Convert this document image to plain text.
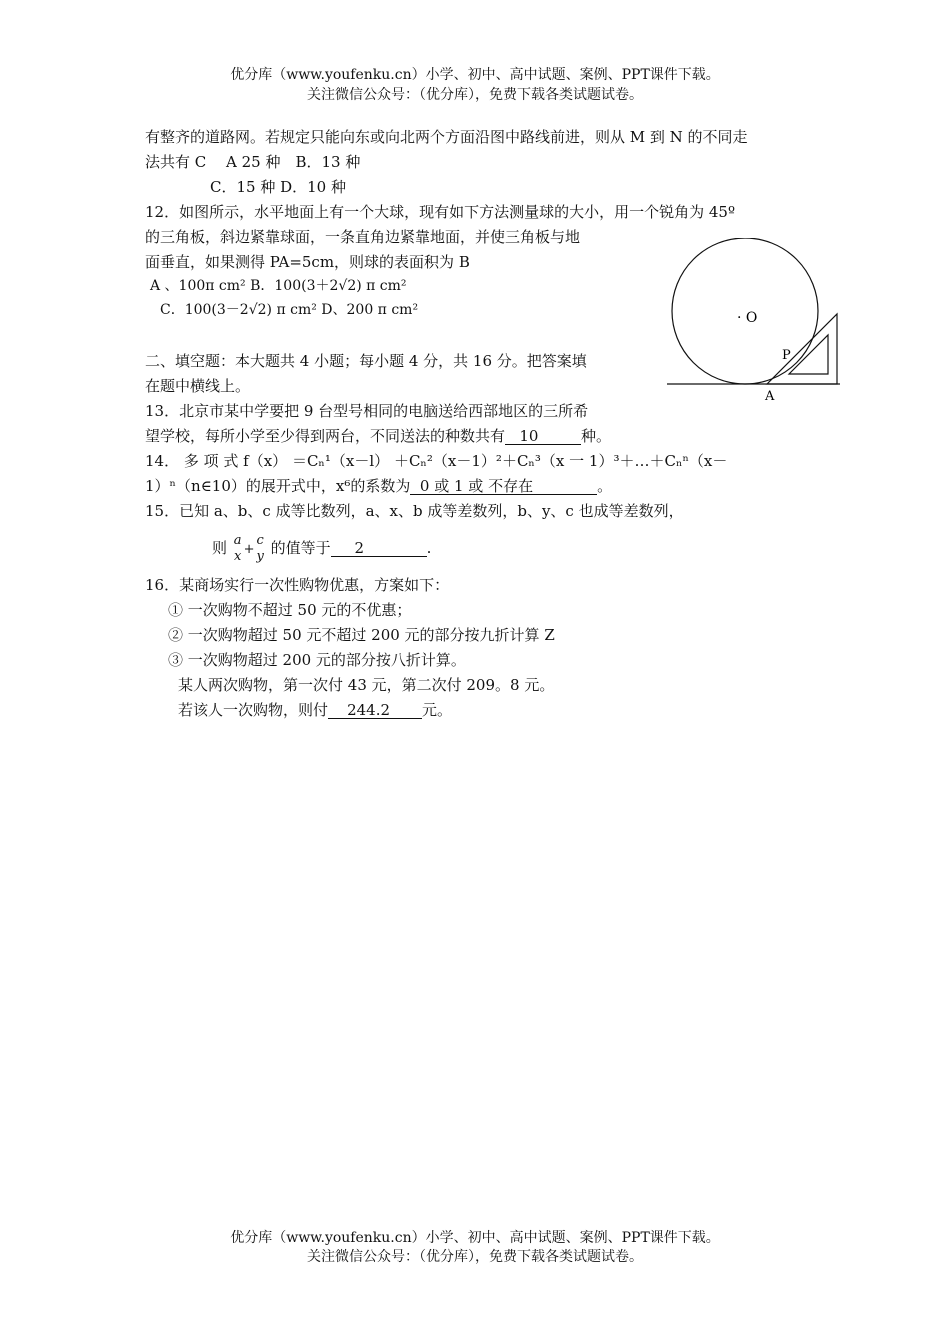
优分库（www.youfenku.cn）小学、初中、高中试题、案例、PPT课件下载。
关注微信公众号：（优分库），免费下载各类试题试卷。
有整齐的道路网。若规定只能向东或向北两个方面沿图中路线前进，则从 M 到 N 的不同走
法共有 C　 A 25 种　B．13 种
C．15 种 D．10 种
12．如图所示，水平地面上有一个大球，现有如下方法测量球的大小，用一个锐角为 45º
的三角板，斜边紧靠球面，一条直角边紧靠地面，并使三角板与地
面垂直，如果测得 PA=5cm，则球的表面积为 B
A 、100π cm² B．100(3＋2√2) π cm²
C．100(3－2√2) π cm² D、200 π cm²	· O
P
A
二、填空题：本大题共 4 小题；每小题 4 分，共 16 分。把答案填
在题中横线上。
13．北京市某中学要把 9 台型号相同的电脑送给西部地区的三所希
望学校，每所小学至少得到两台，不同送法的种数共有 10	种。
14． 多 项 式 f（x） ＝Cₙ¹（x－l） ＋Cₙ²（x－1）²＋Cₙ³（x 一 1）³＋…＋Cₙⁿ（x－
1）ⁿ（n∈10）的展开式中，x⁶的系数为 0 或 1 或 不存在	。
15．已知 a、b、c 成等比数列，a、x、b 成等差数列，b、y、c 也成等差数列，
则 a
x +
c
y 的值等于 2	.
16．某商场实行一次性购物优惠，方案如下：
① 一次购物不超过 50 元的不优惠；
② 一次购物超过 50 元不超过 200 元的部分按九折计算 Z
③ 一次购物超过 200 元的部分按八折计算。
某人两次购物，第一次付 43 元，第二次付 209。8 元。
若该人一次购物，则付 244.2 元。
优分库（www.youfenku.cn）小学、初中、高中试题、案例、PPT课件下载。
关注微信公众号：（优分库），免费下载各类试题试卷。
